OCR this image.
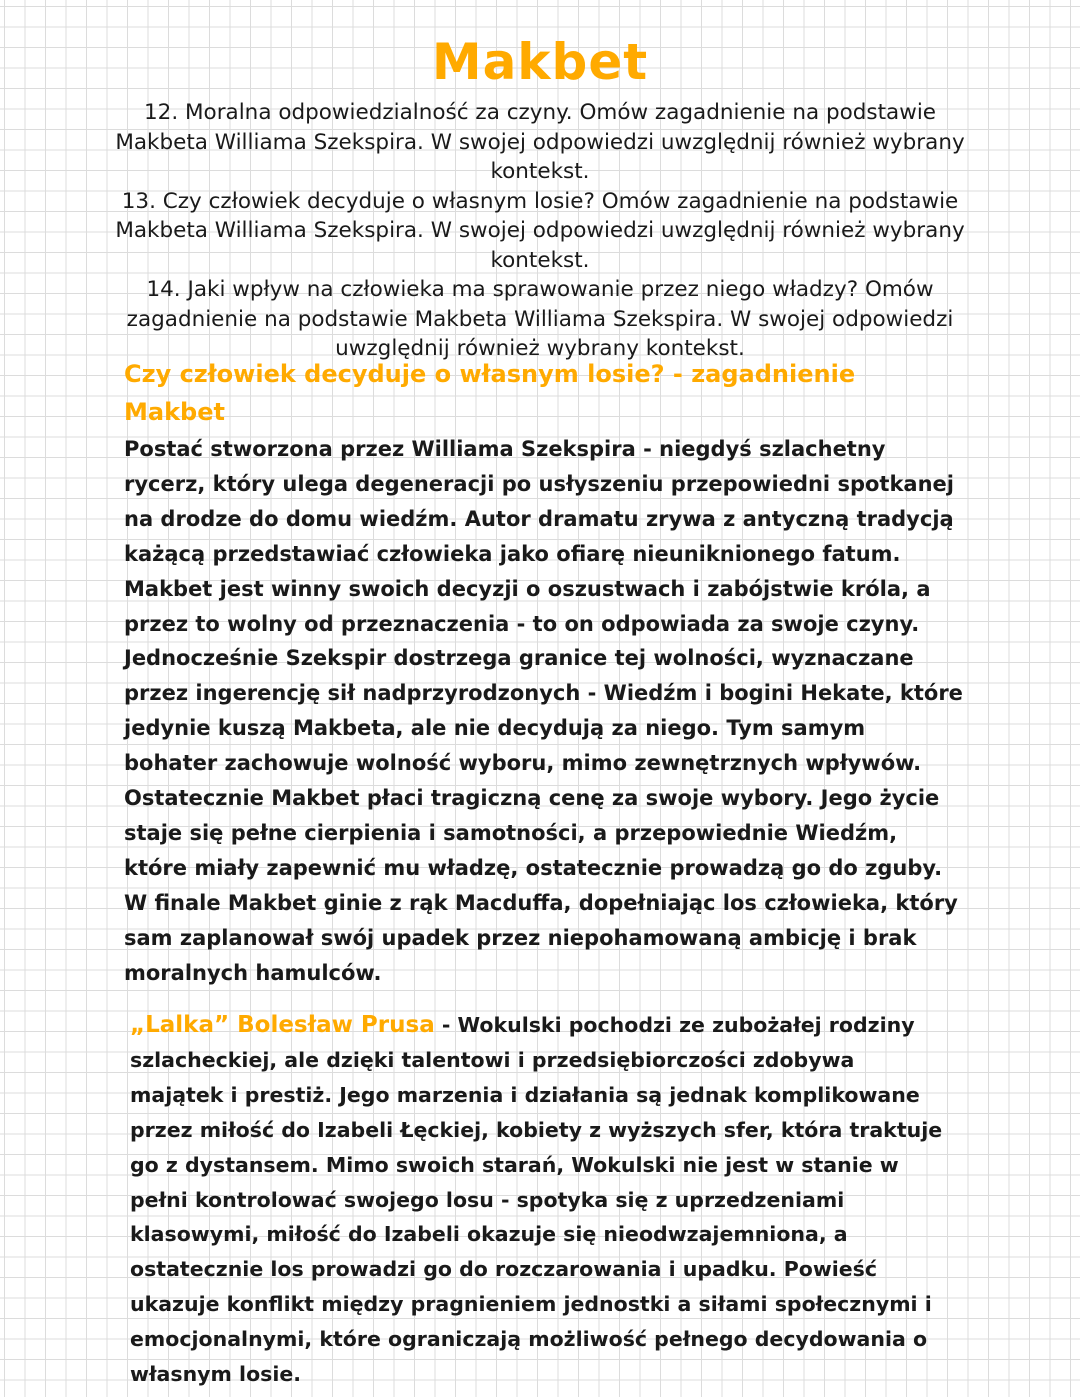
Makbet

12. Moralna odpowiedzialność za czyny. Omów zagadnienie na podstawie Makbeta Williama Szekspira. W swojej odpowiedzi uwzględnij również wybrany kontekst.

13. Czy człowiek decyduje o własnym losie? Omów zagadnienie na podstawie Makbeta Williama Szekspira. W swojej odpowiedzi uwzględnij również wybrany kontekst.

14. Jaki wpływ na człowieka ma sprawowanie przez niego władzy? Omów zagadnienie na podstawie Makbeta Williama Szekspira. W swojej odpowiedzi uwzględnij również wybrany kontekst.

Czy człowiek decyduje o własnym losie? - zagadnienie

Makbet

Postać stworzona przez Williama Szekspira - niegdyś szlachetny rycerz, który ulega degeneracji po usłyszeniu przepowiedni spotkanej na drodze do domu wiedźm. Autor dramatu zrywa z antyczną tradycją każącą przedstawiać człowieka jako ofiarę nieuniknionego fatum. Makbet jest winny swoich decyzji o oszustwach i zabójstwie króla, a przez to wolny od przeznaczenia - to on odpowiada za swoje czyny. Jednocześnie Szekspir dostrzega granice tej wolności, wyznaczane przez ingerencję sił nadprzyrodzonych - Wiedźm i bogini Hekate, które jedynie kuszą Makbeta, ale nie decydują za niego. Tym samym bohater zachowuje wolność wyboru, mimo zewnętrznych wpływów. Ostatecznie Makbet płaci tragiczną cenę za swoje wybory. Jego życie staje się pełne cierpienia i samotności, a przepowiednie Wiedźm, które miały zapewnić mu władzę, ostatecznie prowadzą go do zguby. W finale Makbet ginie z rąk Macduffa, dopełniając los człowieka, który sam zaplanował swój upadek przez niepohamowaną ambicję i brak moralnych hamulców.

„Lalka” Bolesław Prusa - Wokulski pochodzi ze zubożałej rodziny szlacheckiej, ale dzięki talentowi i przedsiębiorczości zdobywa majątek i prestiż. Jego marzenia i działania są jednak komplikowane przez miłość do Izabeli Łęckiej, kobiety z wyższych sfer, która traktuje go z dystansem. Mimo swoich starań, Wokulski nie jest w stanie w pełni kontrolować swojego losu - spotyka się z uprzedzeniami klasowymi, miłość do Izabeli okazuje się nieodwzajemniona, a ostatecznie los prowadzi go do rozczarowania i upadku. Powieść ukazuje konflikt między pragnieniem jednostki a siłami społecznymi i emocjonalnymi, które ograniczają możliwość pełnego decydowania o własnym losie.
